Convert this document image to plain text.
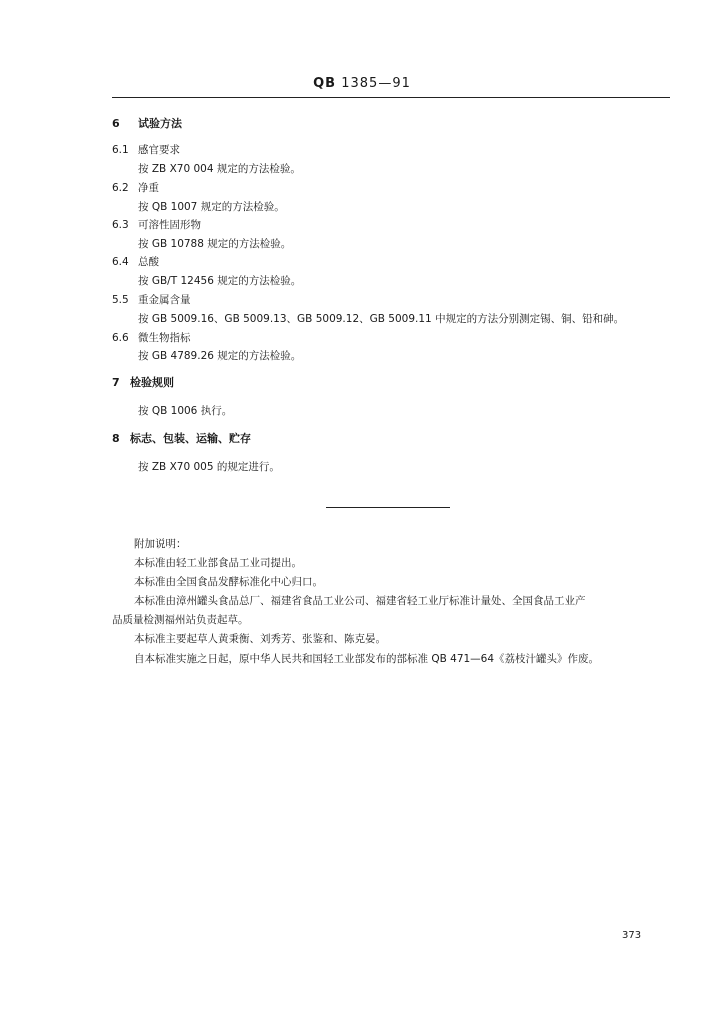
QB 1385—91
6 试验方法
6.1 感官要求
按 ZB X70 004 规定的方法检验。
6.2 净重
按 QB 1007 规定的方法检验。
6.3 可溶性固形物
按 GB 10788 规定的方法检验。
6.4 总酸
按 GB/T 12456 规定的方法检验。
5.5 重金属含量
按 GB 5009.16、GB 5009.13、GB 5009.12、GB 5009.11 中规定的方法分别测定锡、铜、铅和砷。
6.6 微生物指标
按 GB 4789.26 规定的方法检验。
7 检验规则
按 QB 1006 执行。
8 标志、包装、运输、贮存
按 ZB X70 005 的规定进行。
附加说明：
本标准由轻工业部食品工业司提出。
本标准由全国食品发酵标准化中心归口。
本标准由漳州罐头食品总厂、福建省食品工业公司、福建省轻工业厅标准计量处、全国食品工业产
品质量检测福州站负责起草。
本标准主要起草人黄秉衡、刘秀芳、张鉴和、陈克晏。
自本标准实施之日起，原中华人民共和国轻工业部发布的部标准 QB 471—64《荔枝汁罐头》作废。
373
